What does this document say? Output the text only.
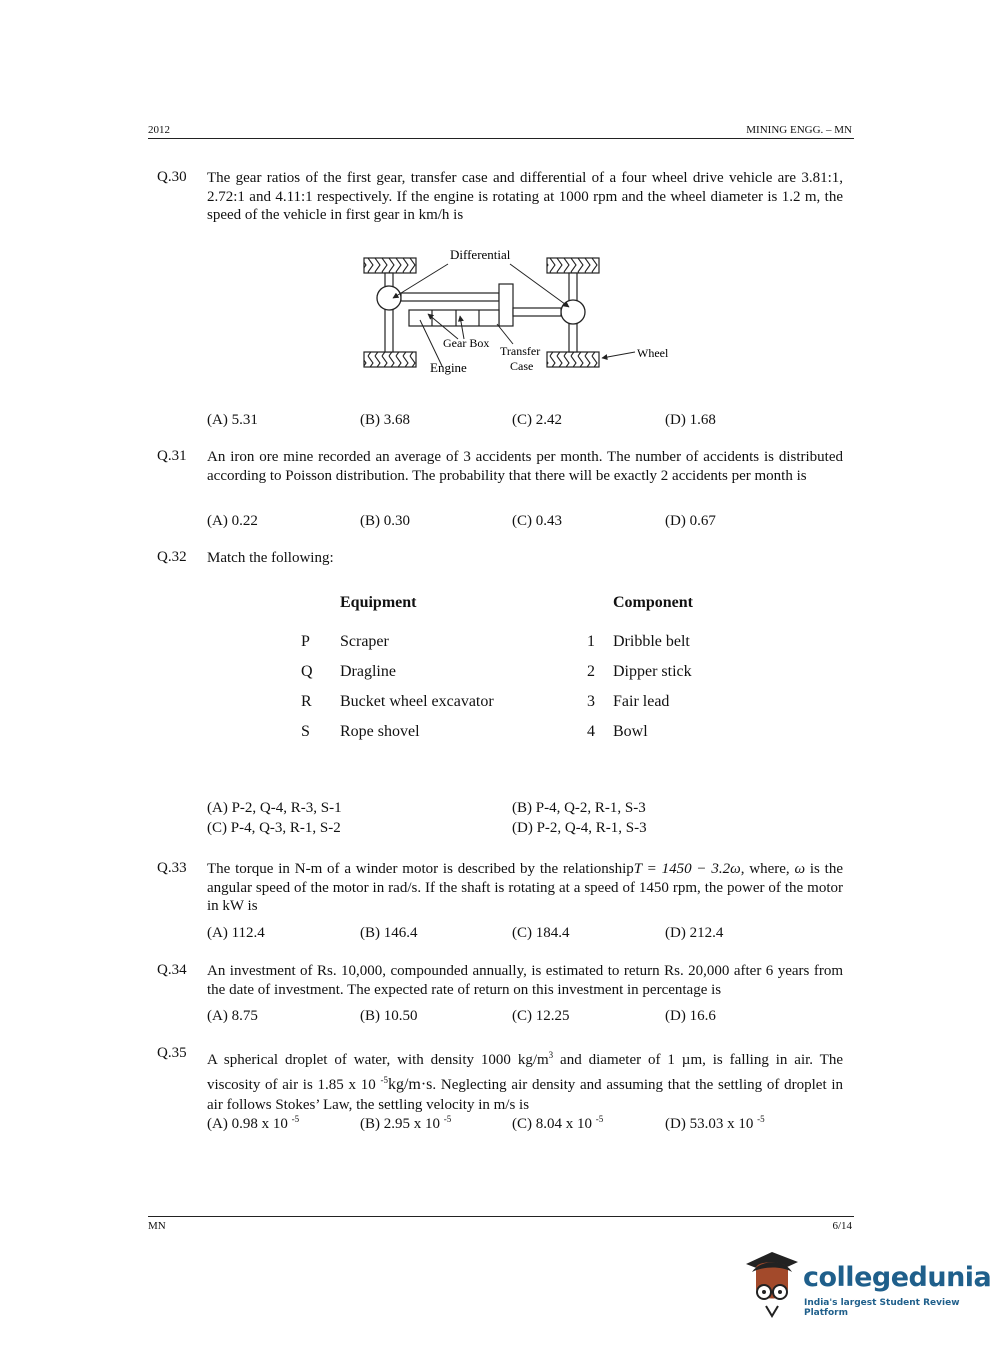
2012	MINING ENGG. – MN
Q.30 The gear ratios of the first gear, transfer case and differential of a four wheel drive vehicle are 3.81:1, 2.72:1 and 4.11:1 respectively. If the engine is rotating at 1000 rpm and the wheel diameter is 1.2 m, the speed of the vehicle in first gear in km/h is
Differential
Gear Box
Engine
Transfer
Case
Wheel
(A) 5.31	(B) 3.68	(C) 2.42	(D) 1.68
Q.31 An iron ore mine recorded an average of 3 accidents per month. The number of accidents is distributed according to Poisson distribution. The probability that there will be exactly 2 accidents per month is
(A) 0.22	(B) 0.30	(C) 0.43	(D) 0.67
Q.32 Match the following:
Equipment	Component
P Scraper	1 Dribble belt
Q Dragline	2 Dipper stick
R Bucket wheel excavator	3 Fair lead
S Rope shovel	4 Bowl
(A) P-2, Q-4, R-3, S-1	(B) P-4, Q-2, R-1, S-3
(C) P-4, Q-3, R-1, S-2	(D) P-2, Q-4, R-1, S-3
Q.33 The torque in N-m of a winder motor is described by the relationshipT = 1450 − 3.2ω, where, ω is the angular speed of the motor in rad/s. If the shaft is rotating at a speed of 1450 rpm, the power of the motor in kW is
(A) 112.4	(B) 146.4	(C) 184.4	(D) 212.4
Q.34 An investment of Rs. 10,000, compounded annually, is estimated to return Rs. 20,000 after 6 years from the date of investment. The expected rate of return on this investment in percentage is
(A) 8.75	(B) 10.50	(C) 12.25	(D) 16.6
Q.35 A spherical droplet of water, with density 1000 $kg/m^3$ and diameter of 1 µm, is falling in air. The viscosity of air is 1.85 x 10 $^{-5}$kg/m·s. Neglecting air density and assuming that the settling of droplet in air follows Stokes’ Law, the settling velocity in m/s is
(A) 0.98 x 10 $^{-5}$	(B) 2.95 x 10 $^{-5}$	(C) 8.04 x 10 $^{-5}$	(D) 53.03 x 10 $^{-5}$
MN	6/14
collegedunia
India's largest Student Review Platform
